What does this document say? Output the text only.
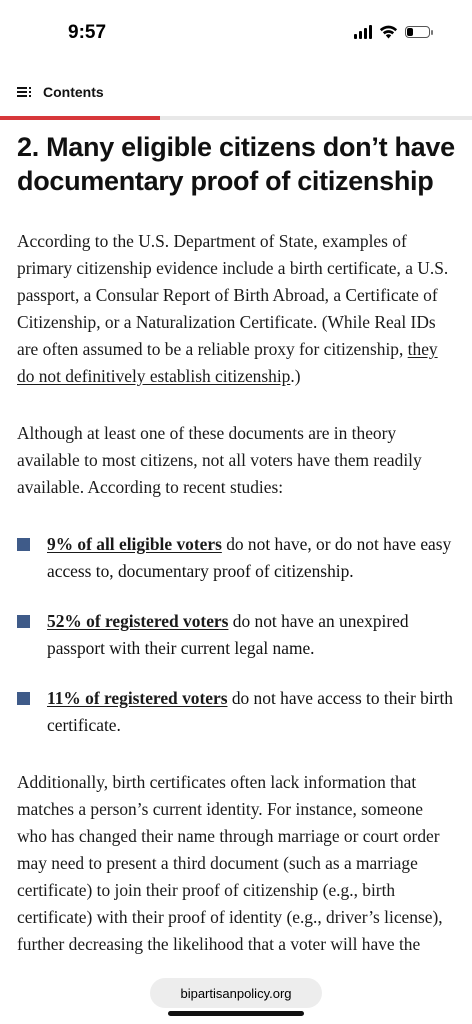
9:57
Contents
2. Many eligible citizens don’t have documentary proof of citizenship

According to the U.S. Department of State, examples of primary citizenship evidence include a birth certificate, a U.S. passport, a Consular Report of Birth Abroad, a Certificate of Citizenship, or a Naturalization Certificate. (While Real IDs are often assumed to be a reliable proxy for citizenship, they do not definitively establish citizenship.)

Although at least one of these documents are in theory available to most citizens, not all voters have them readily available. According to recent studies:

9% of all eligible voters do not have, or do not have easy access to, documentary proof of citizenship.
52% of registered voters do not have an unexpired passport with their current legal name.
11% of registered voters do not have access to their birth certificate.

Additionally, birth certificates often lack information that matches a person’s current identity. For instance, someone who has changed their name through marriage or court order may need to present a third document (such as a marriage certificate) to join their proof of citizenship (e.g., birth certificate) with their proof of identity (e.g., driver’s license), further decreasing the likelihood that a voter will have the

bipartisanpolicy.org
